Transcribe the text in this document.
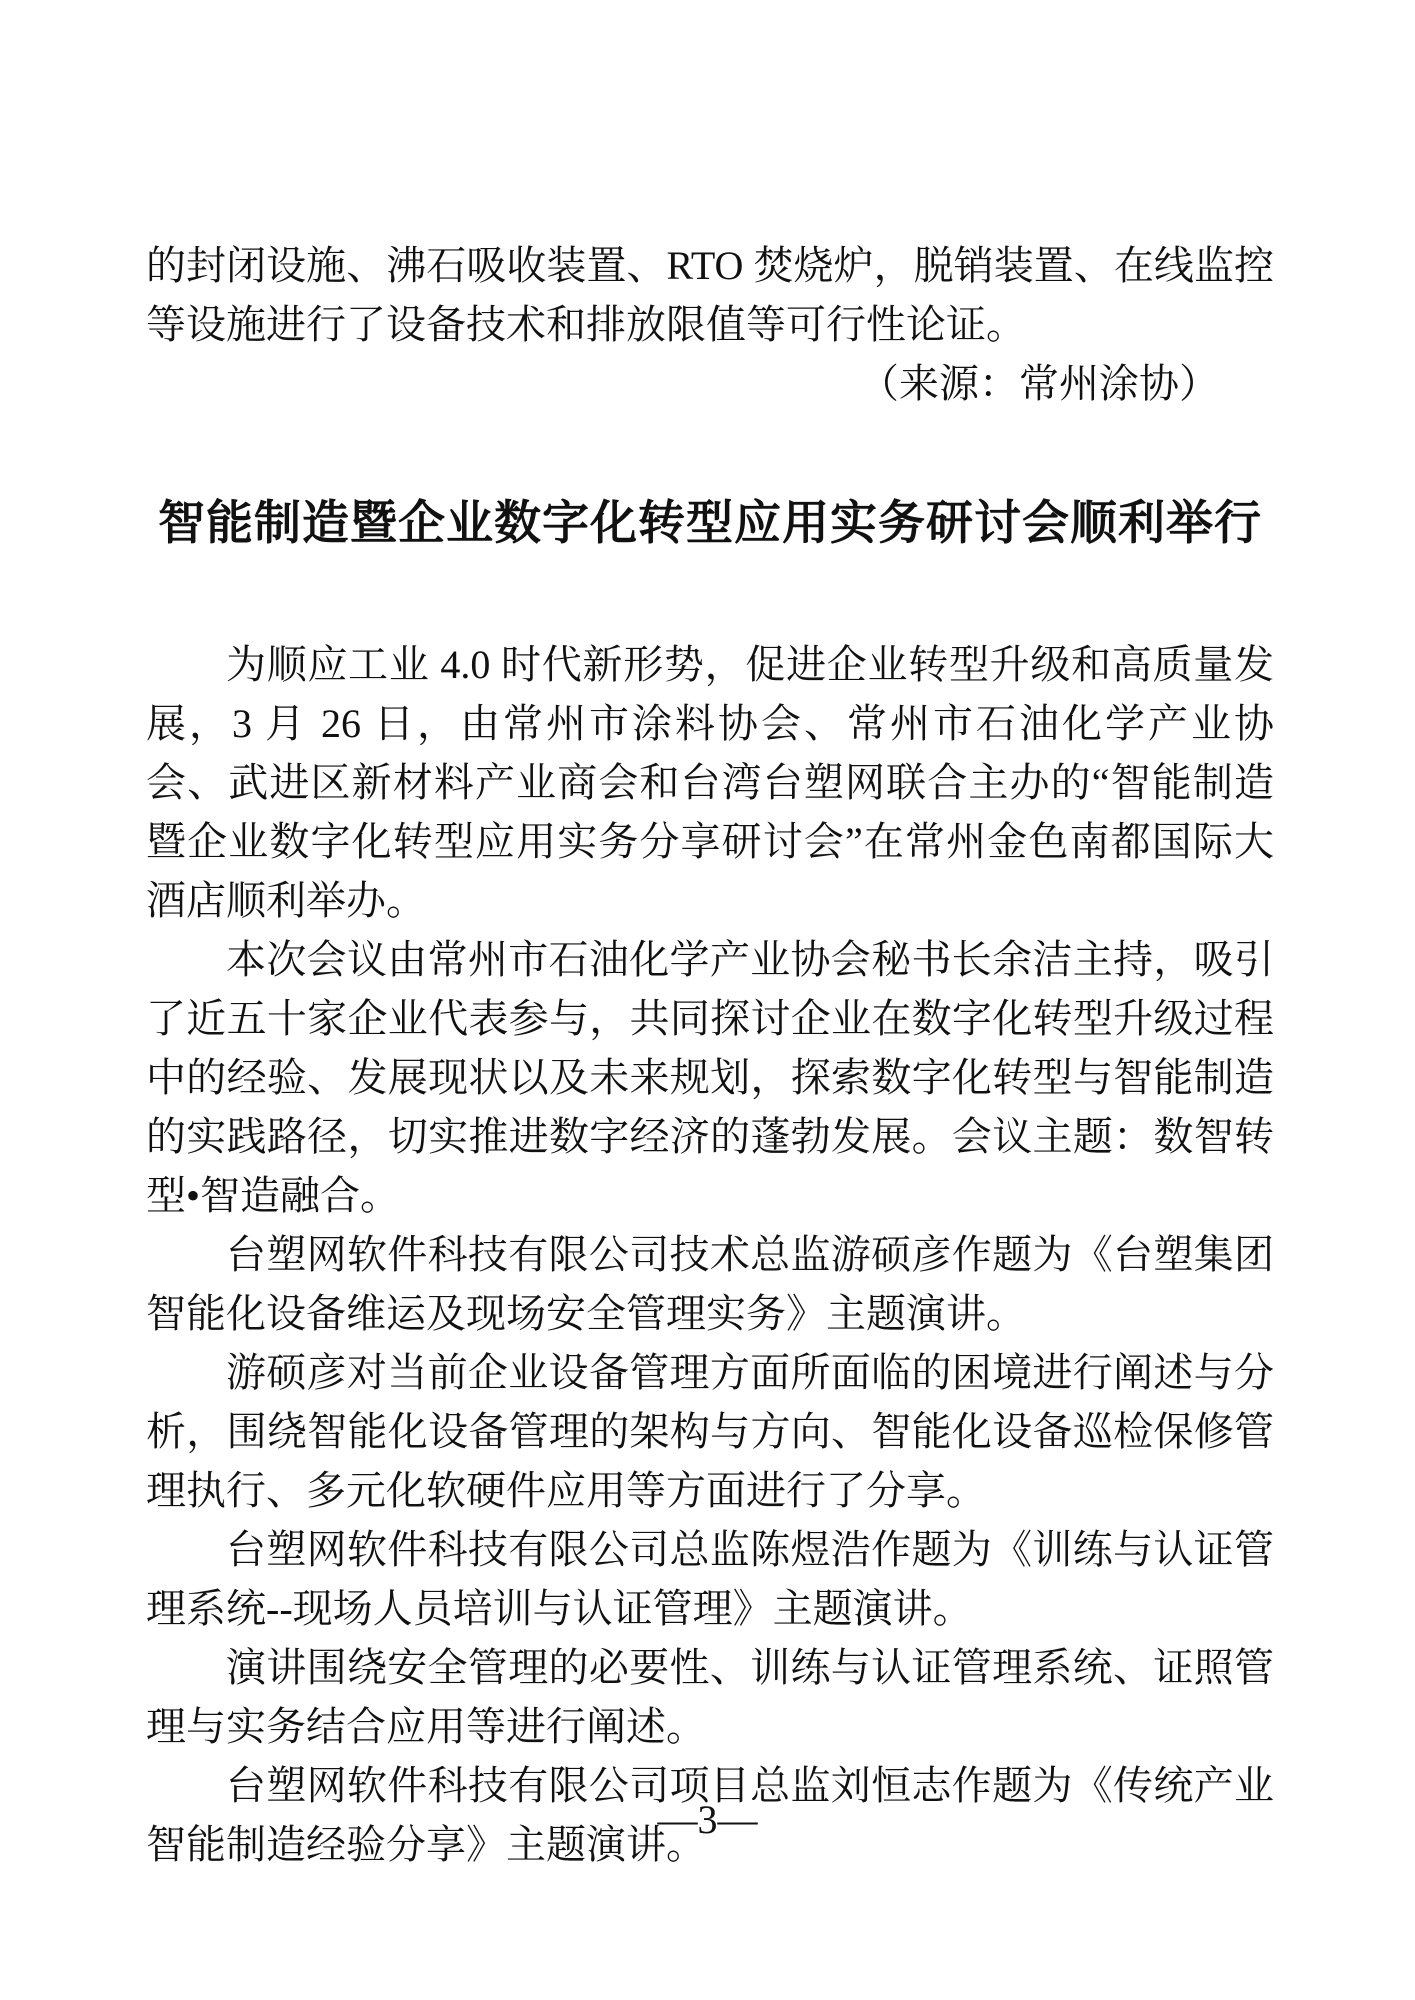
的封闭设施、沸石吸收装置、RTO 焚烧炉，脱销装置、在线监控等设施进行了设备技术和排放限值等可行性论证。

（来源：常州涂协）

智能制造暨企业数字化转型应用实务研讨会顺利举行

为顺应工业 4.0 时代新形势，促进企业转型升级和高质量发展，3 月 26 日，由常州市涂料协会、常州市石油化学产业协会、武进区新材料产业商会和台湾台塑网联合主办的“智能制造暨企业数字化转型应用实务分享研讨会”在常州金色南都国际大酒店顺利举办。

本次会议由常州市石油化学产业协会秘书长余洁主持，吸引了近五十家企业代表参与，共同探讨企业在数字化转型升级过程中的经验、发展现状以及未来规划，探索数字化转型与智能制造的实践路径，切实推进数字经济的蓬勃发展。会议主题：数智转型•智造融合。

台塑网软件科技有限公司技术总监游硕彦作题为《台塑集团智能化设备维运及现场安全管理实务》主题演讲。

游硕彦对当前企业设备管理方面所面临的困境进行阐述与分析，围绕智能化设备管理的架构与方向、智能化设备巡检保修管理执行、多元化软硬件应用等方面进行了分享。

台塑网软件科技有限公司总监陈煜浩作题为《训练与认证管理系统--现场人员培训与认证管理》主题演讲。

演讲围绕安全管理的必要性、训练与认证管理系统、证照管理与实务结合应用等进行阐述。

台塑网软件科技有限公司项目总监刘恒志作题为《传统产业智能制造经验分享》主题演讲。

—3—
